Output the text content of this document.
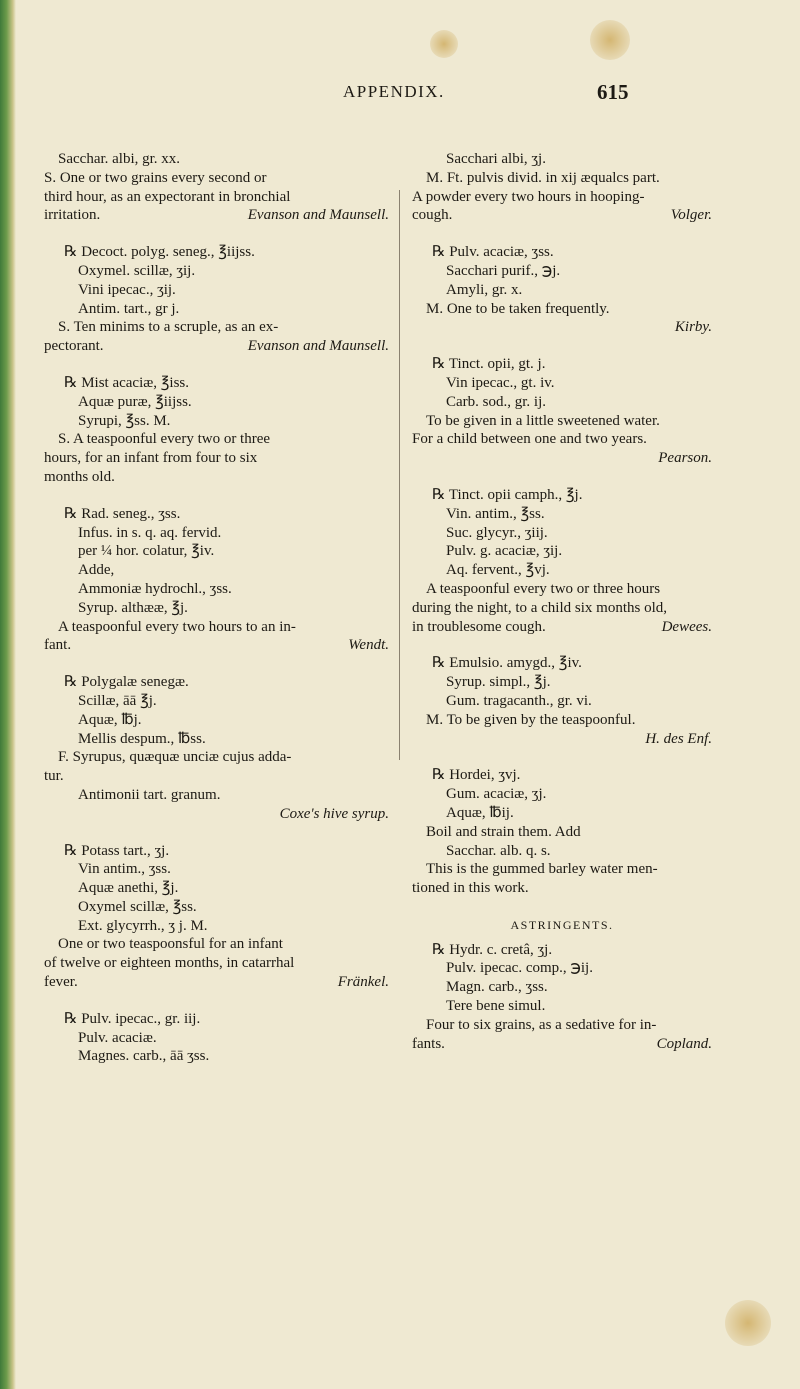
APPENDIX.	615
Sacchar. albi, gr. xx.
S. One or two grains every second or
third hour, as an expectorant in bronchial
irritation.	Evanson and Maunsell.
℞ Decoct. polyg. seneg., ℥iijss.
Oxymel. scillæ, ʒij.
Vini ipecac., ʒij.
Antim. tart., gr j.
S. Ten minims to a scruple, as an ex-
pectorant.	Evanson and Maunsell.
℞ Mist acaciæ, ℥iss.
Aquæ puræ, ℥iijss.
Syrupi, ℥ss. M.
S. A teaspoonful every two or three
hours, for an infant from four to six
months old.
℞ Rad. seneg., ʒss.
Infus. in s. q. aq. fervid.
per ¼ hor. colatur, ℥iv.
Adde,
Ammoniæ hydrochl., ʒss.
Syrup. althææ, ℥j.
A teaspoonful every two hours to an in-
fant.	Wendt.
℞ Polygalæ senegæ.
Scillæ, āā ℥j.
Aquæ, ℔j.
Mellis despum., ℔ss.
F. Syrupus, quæquæ unciæ cujus adda-
tur.
Antimonii tart. granum.
Coxe's hive syrup.
℞ Potass tart., ʒj.
Vin antim., ʒss.
Aquæ anethi, ℥j.
Oxymel scillæ, ℥ss.
Ext. glycyrrh., ʒ j. M.
One or two teaspoonsful for an infant
of twelve or eighteen months, in catarrhal
fever.	Fränkel.
℞ Pulv. ipecac., gr. iij.
Pulv. acaciæ.
Magnes. carb., āā ʒss.
Sacchari albi, ʒj.
M. Ft. pulvis divid. in xij æqualcs part.
A powder every two hours in hooping-
cough.	Volger.
℞ Pulv. acaciæ, ʒss.
Sacchari purif., ℈j.
Amyli, gr. x.
M. One to be taken frequently.
Kirby.
℞ Tinct. opii, gt. j.
Vin ipecac., gt. iv.
Carb. sod., gr. ij.
To be given in a little sweetened water.
For a child between one and two years.
Pearson.
℞ Tinct. opii camph., ℥j.
Vin. antim., ℥ss.
Suc. glycyr., ʒiij.
Pulv. g. acaciæ, ʒij.
Aq. fervent., ℥vj.
A teaspoonful every two or three hours
during the night, to a child six months old,
in troublesome cough.	Dewees.
℞ Emulsio. amygd., ℥iv.
Syrup. simpl., ℥j.
Gum. tragacanth., gr. vi.
M. To be given by the teaspoonful.
H. des Enf.
℞ Hordei, ʒvj.
Gum. acaciæ, ʒj.
Aquæ, ℔ij.
Boil and strain them. Add
Sacchar. alb. q. s.
This is the gummed barley water men-
tioned in this work.
ASTRINGENTS.
℞ Hydr. c. cretâ, ʒj.
Pulv. ipecac. comp., ℈ij.
Magn. carb., ʒss.
Tere bene simul.
Four to six grains, as a sedative for in-
fants.	Copland.
